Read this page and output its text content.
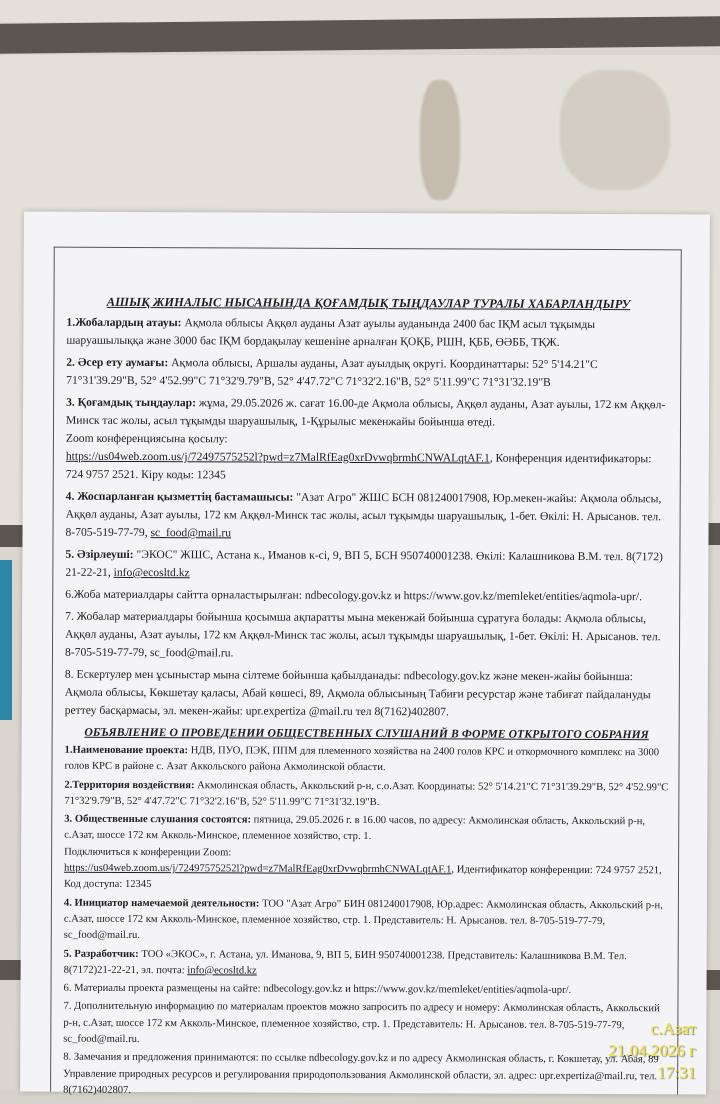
АШЫҚ ЖИНАЛЫС НЫСАНЫНДА ҚОҒАМДЫҚ ТЫҢДАУЛАР ТУРАЛЫ ХАБАРЛАНДЫРУ

1.Жобалардың атауы: Ақмола облысы Аққөл ауданы Азат ауылы ауданында 2400 бас ІҚМ асыл тұқымды шаруашылыққа және 3000 бас ІҚМ бордақылау кешеніне арналған ҚОҚБ, РШН, ҚББ, ӨӘББ, ТҚЖ.

2. Әсер ету аумағы: Ақмола облысы, Аршалы ауданы, Азат ауылдық округі. Координаттары: 52° 5'14.21"С 71°31'39.29"В, 52° 4'52.99"С 71°32'9.79"В, 52° 4'47.72"С 71°32'2.16"В, 52° 5'11.99"С 71°31'32.19"В

3. Қоғамдық тыңдаулар: жұма, 29.05.2026 ж. сағат 16.00-де Ақмола облысы, Аққөл ауданы, Азат ауылы, 172 км Аққөл-Минск тас жолы, асыл тұқымды шаруашылық, 1-Құрылыс мекенжайы бойынша өтеді.
Zoom конференциясына қосылу:
https://us04web.zoom.us/j/72497575252l?pwd=z7MalRfEag0xrDvwqbrmhCNWALqtAF.1, Конференция идентификаторы: 724 9757 2521. Кіру коды: 12345

4. Жоспарланған қызметтің бастамашысы: "Азат Агро" ЖШС БСН 081240017908, Юр.мекен-жайы: Ақмола облысы, Аққөл ауданы, Азат ауылы, 172 км Аққөл-Минск тас жолы, асыл тұқымды шаруашылық, 1-бет. Өкілі: Н. Арысанов. тел. 8-705-519-77-79, sc_food@mail.ru

5. Әзірлеуші: "ЭКОС" ЖШС, Астана к., Иманов к-сі, 9, ВП 5, БСН 950740001238. Өкілі: Калашникова В.М. тел. 8(7172) 21-22-21, info@ecosltd.kz

6.Жоба материалдары сайтта орналастырылған: ndbecology.gov.kz и https://www.gov.kz/memleket/entities/aqmola-upr/.

7. Жобалар материалдары бойынша қосымша ақпаратты мына мекенжай бойынша сұратуға болады: Ақмола облысы, Аққөл ауданы, Азат ауылы, 172 км Аққөл-Минск тас жолы, асыл тұқымды шаруашылық, 1-бет. Өкілі: Н. Арысанов. тел. 8-705-519-77-79, sc_food@mail.ru.

8. Ескертулер мен ұсыныстар мына сілтеме бойынша қабылданады: ndbecology.gov.kz және мекен-жайы бойынша: Ақмола облысы, Көкшетау қаласы, Абай көшесі, 89, Ақмола облысының Табиғи ресурстар және табиғат пайдалануды реттеу басқармасы, эл. мекен-жайы: upr.expertiza @mail.ru тел 8(7162)402807.

ОБЪЯВЛЕНИЕ О ПРОВЕДЕНИИ ОБЩЕСТВЕННЫХ СЛУШАНИЙ В ФОРМЕ ОТКРЫТОГО СОБРАНИЯ

1.Наименование проекта: НДВ, ПУО, ПЭК, ППМ для племенного хозяйства на 2400 голов КРС и откормочного комплекс на 3000 голов КРС в районе с. Азат Аккольского района Акмолинской области.

2.Территория воздействия: Акмолинская область, Аккольский р-н, с.о.Азат. Координаты: 52° 5'14.21"С 71°31'39.29"В, 52° 4'52.99"С 71°32'9.79"В, 52° 4'47.72"С 71°32'2.16"В, 52° 5'11.99"С 71°31'32.19"В.

3. Общественные слушания состоятся: пятница, 29.05.2026 г. в 16.00 часов, по адресу: Акмолинская область, Аккольский р-н, с.Азат, шоссе 172 км Акколь-Минское, племенное хозяйство, стр. 1.
Подключиться к конференции Zoom:
https://us04web.zoom.us/j/72497575252l?pwd=z7MalRfEag0xrDvwqbrmhCNWALqtAF.1, Идентификатор конференции: 724 9757 2521, Код доступа: 12345

4. Инициатор намечаемой деятельности: ТОО "Азат Агро" БИН 081240017908, Юр.адрес: Акмолинская область, Аккольский р-н, с.Азат, шоссе 172 км Акколь-Минское, племенное хозяйство, стр. 1. Представитель: Н. Арысанов. тел. 8-705-519-77-79, sc_food@mail.ru.

5. Разработчик: ТОО «ЭКОС», г. Астана, ул. Иманова, 9, ВП 5, БИН 950740001238. Представитель: Калашникова В.М. Тел. 8(7172)21-22-21, эл. почта: info@ecosltd.kz

6. Материалы проекта размещены на сайте: ndbecology.gov.kz и https://www.gov.kz/memleket/entities/aqmola-upr/.

7. Дополнительную информацию по материалам проектов можно запросить по адресу и номеру: Акмолинская область, Аккольский р-н, с.Азат, шоссе 172 км Акколь-Минское, племенное хозяйство, стр. 1. Представитель: Н. Арысанов. тел. 8-705-519-77-79, sc_food@mail.ru.

8. Замечания и предложения принимаются: по ссылке ndbecology.gov.kz и по адресу Акмолинская область, г. Кокшетау, ул. Абая, 89 Управление природных ресурсов и регулирования природопользования Акмолинской области, эл. адрес: upr.expertiza@mail.ru, тел. 8(7162)402807.

с.Азат
21.04.2026 г
17:31
